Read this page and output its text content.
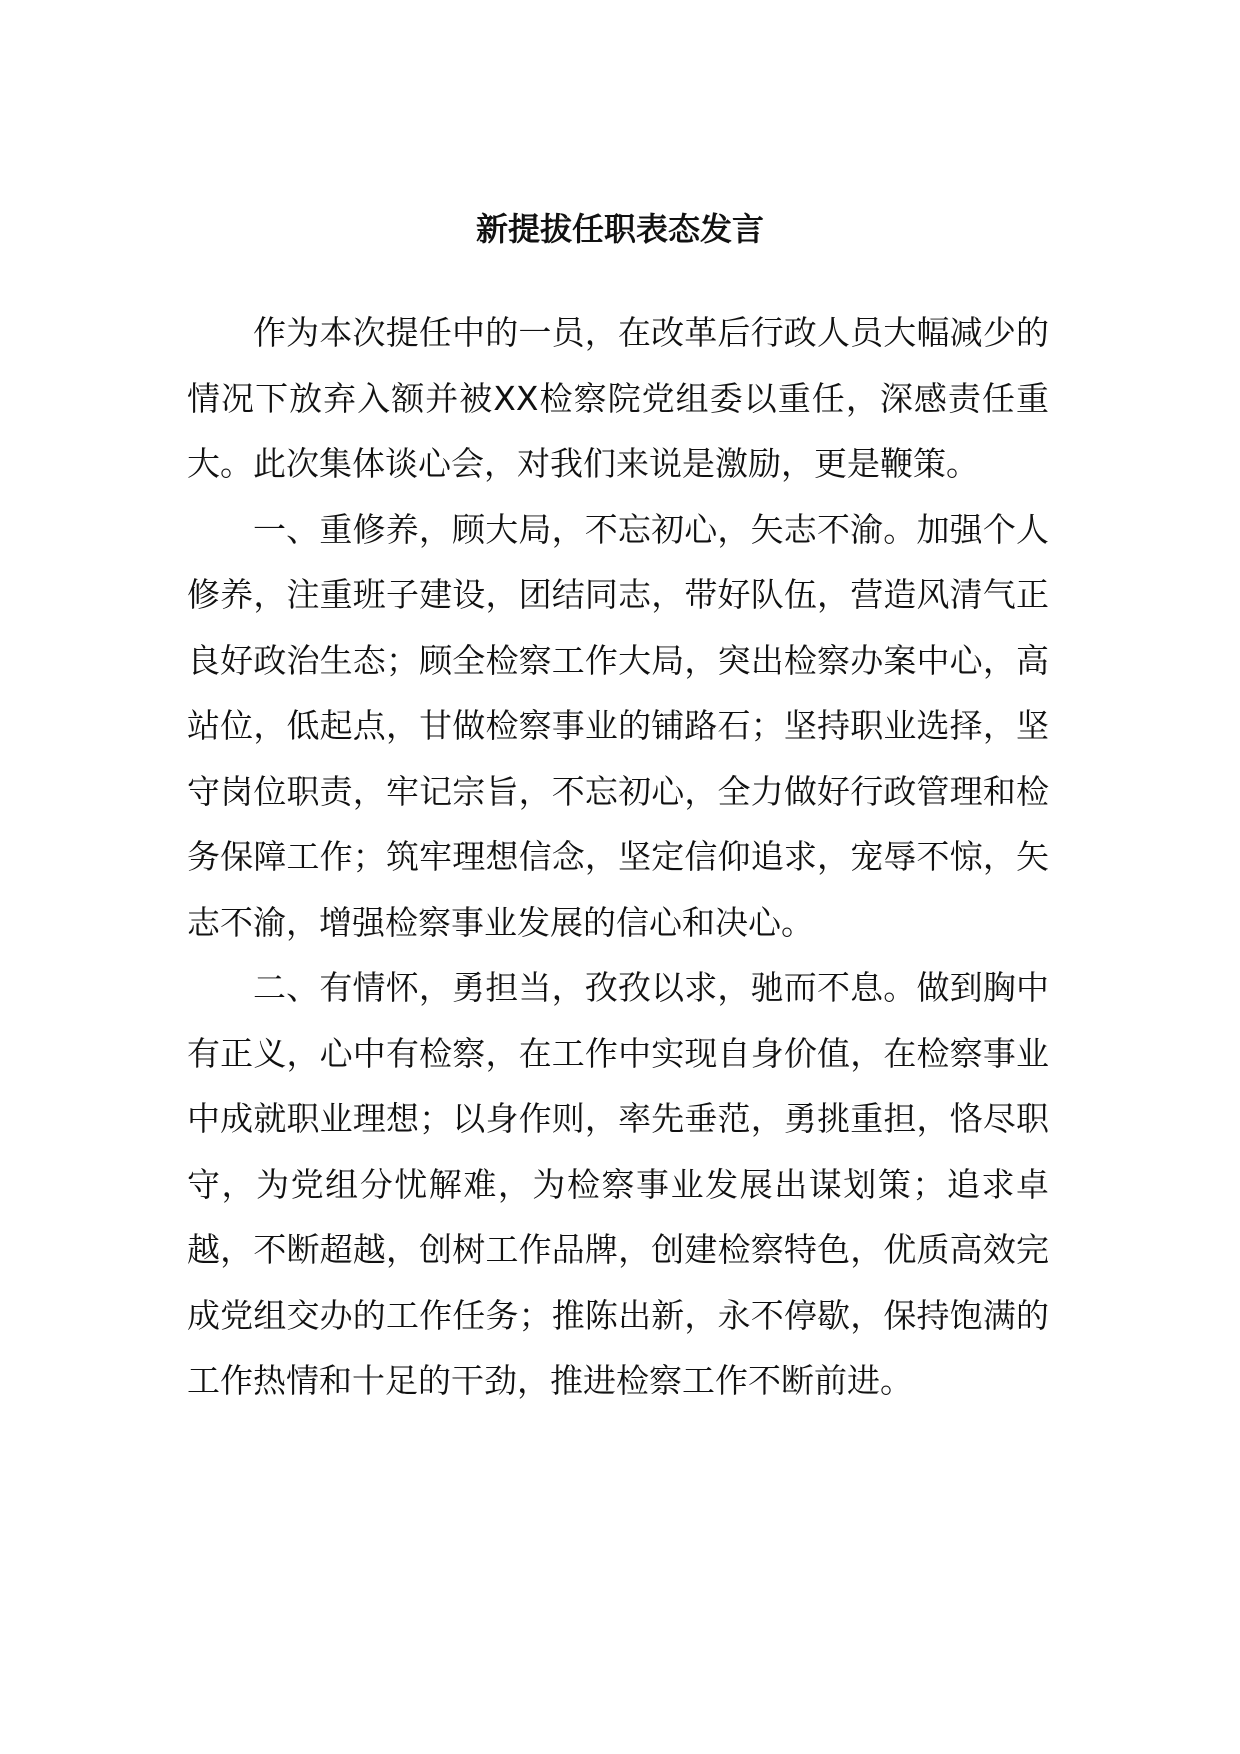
新提拔任职表态发言

作为本次提任中的一员，在改革后行政人员大幅减少的情况下放弃入额并被XX检察院党组委以重任，深感责任重大。此次集体谈心会，对我们来说是激励，更是鞭策。

一、重修养，顾大局，不忘初心，矢志不渝。加强个人修养，注重班子建设，团结同志，带好队伍，营造风清气正良好政治生态；顾全检察工作大局，突出检察办案中心，高站位，低起点，甘做检察事业的铺路石；坚持职业选择，坚守岗位职责，牢记宗旨，不忘初心，全力做好行政管理和检务保障工作；筑牢理想信念，坚定信仰追求，宠辱不惊，矢志不渝，增强检察事业发展的信心和决心。

二、有情怀，勇担当，孜孜以求，驰而不息。做到胸中有正义，心中有检察，在工作中实现自身价值，在检察事业中成就职业理想；以身作则，率先垂范，勇挑重担，恪尽职守，为党组分忧解难，为检察事业发展出谋划策；追求卓越，不断超越，创树工作品牌，创建检察特色，优质高效完成党组交办的工作任务；推陈出新，永不停歇，保持饱满的工作热情和十足的干劲，推进检察工作不断前进。
